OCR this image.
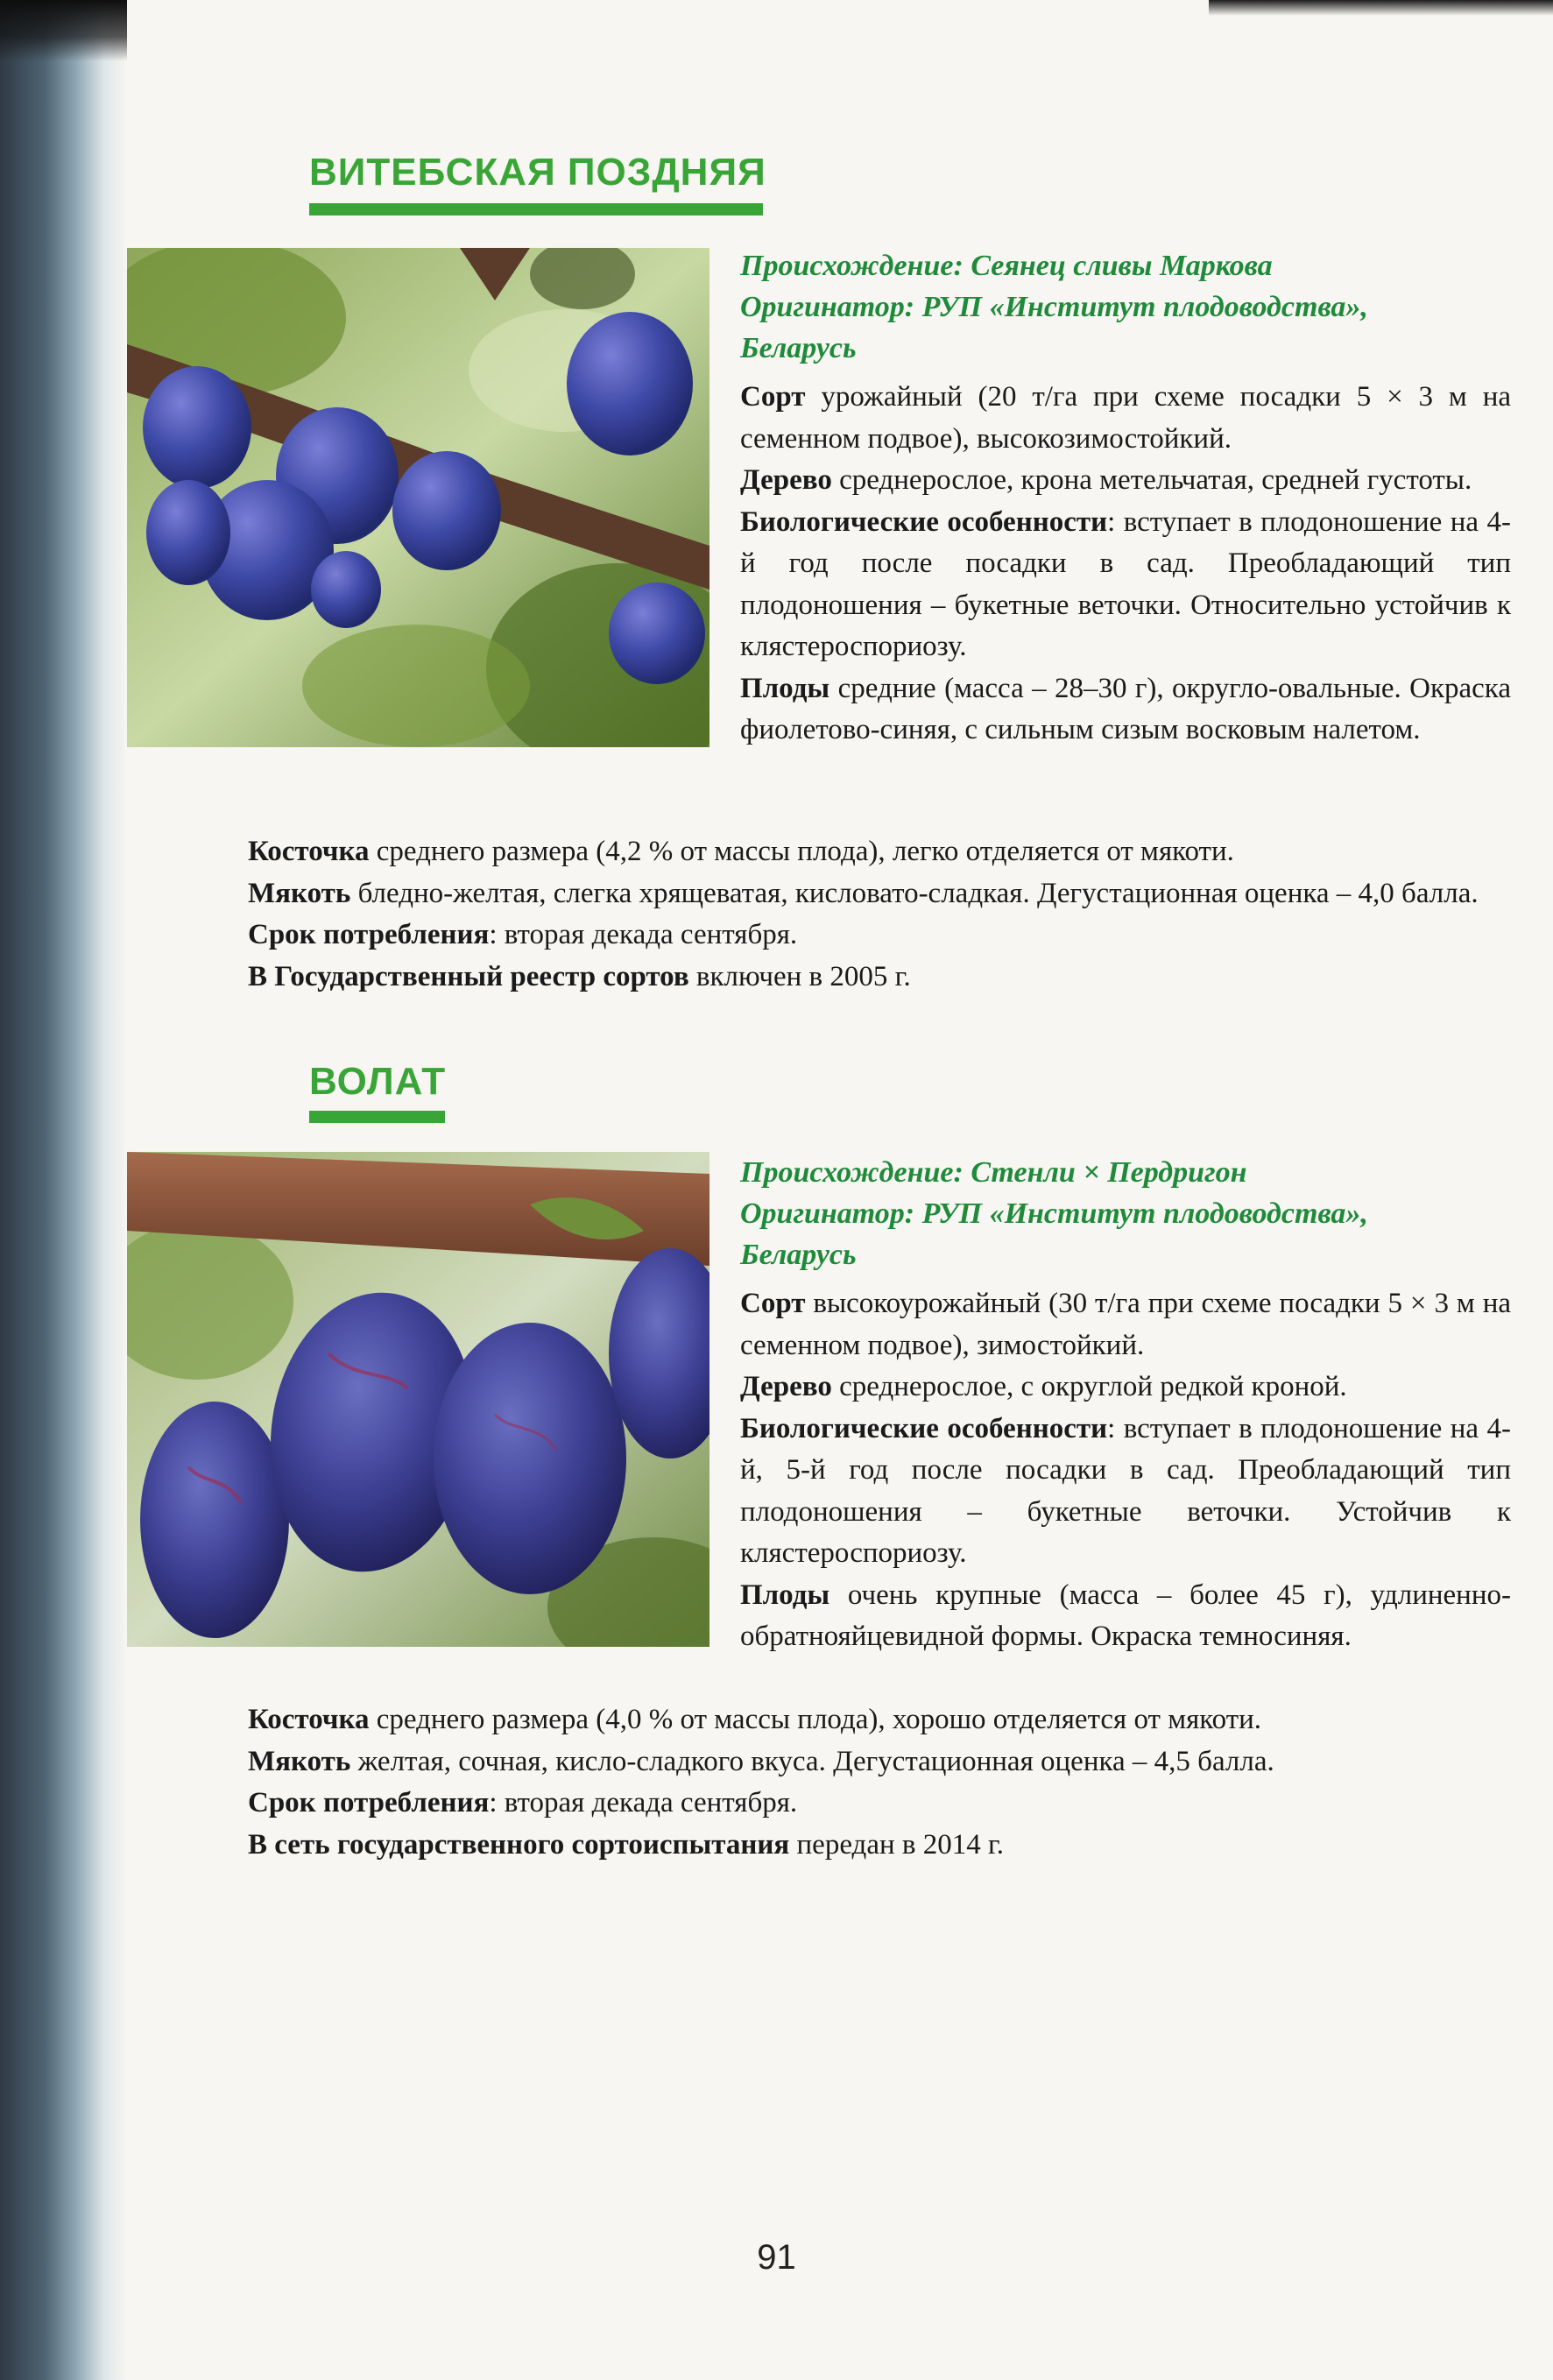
ВИТЕБСКАЯ ПОЗДНЯЯ

Происхождение: Сеянец сливы Маркова

Оригинатор: РУП «Институт плодоводства»,

Беларусь

Сорт урожайный (20 т/га при схеме посадки 5 × 3 м на семенном подвое), высокозимостойкий.

Дерево среднерослое, крона метельчатая, средней густоты.

Биологические особенности: вступает в плодоношение на 4-й год после посадки в сад. Преобладающий тип плодоношения – букетные веточки. Относительно устойчив к клястероспориозу.

Плоды средние (масса – 28–30 г), округло-овальные. Окраска фиолетово-синяя, с сильным сизым восковым налетом.

Косточка среднего размера (4,2 % от массы плода), легко отделяется от мякоти.

Мякоть бледно-желтая, слегка хрящеватая, кисловато-сладкая. Дегустационная оценка – 4,0 балла.

Срок потребления: вторая декада сентября.

В Государственный реестр сортов включен в 2005 г.

ВОЛАТ

Происхождение: Стенли × Пердригон

Оригинатор: РУП «Институт плодоводства»,

Беларусь

Сорт высокоурожайный (30 т/га при схеме посадки 5 × 3 м на семенном подвое), зимостойкий.

Дерево среднерослое, с округлой редкой кроной.

Биологические особенности: вступает в плодоношение на 4-й, 5-й год после посадки в сад. Преобладающий тип плодоношения – букетные веточки. Устойчив к клястероспориозу.

Плоды очень крупные (масса – более 45 г), удлиненно-обратнояйцевидной формы. Окраска темносиняя.

Косточка среднего размера (4,0 % от массы плода), хорошо отделяется от мякоти.

Мякоть желтая, сочная, кисло-сладкого вкуса. Дегустационная оценка – 4,5 балла.

Срок потребления: вторая декада сентября.

В сеть государственного сортоиспытания передан в 2014 г.

91
